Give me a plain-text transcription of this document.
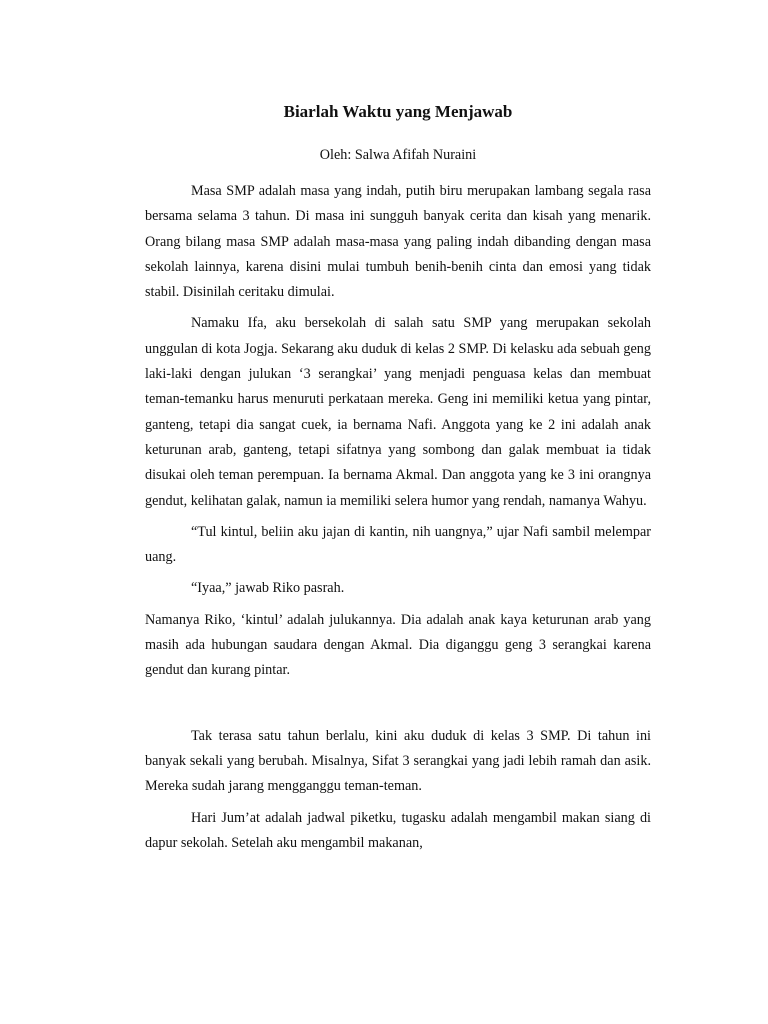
Biarlah Waktu yang Menjawab

Oleh: Salwa Afifah Nuraini

Masa SMP adalah masa yang indah, putih biru merupakan lambang segala rasa bersama selama 3 tahun. Di masa ini sungguh banyak cerita dan kisah yang menarik. Orang bilang masa SMP adalah masa-masa yang paling indah dibanding dengan masa sekolah lainnya, karena disini mulai tumbuh benih-benih cinta dan emosi yang tidak stabil. Disinilah ceritaku dimulai.

Namaku Ifa, aku bersekolah di salah satu SMP yang merupakan sekolah unggulan di kota Jogja. Sekarang aku duduk di kelas 2 SMP. Di kelasku ada sebuah geng laki-laki dengan julukan ‘3 serangkai’ yang menjadi penguasa kelas dan membuat teman-temanku harus menuruti perkataan mereka. Geng ini memiliki ketua yang pintar, ganteng, tetapi dia sangat cuek, ia bernama Nafi. Anggota yang ke 2 ini adalah anak keturunan arab, ganteng, tetapi sifatnya yang sombong dan galak membuat ia tidak disukai oleh teman perempuan. Ia bernama Akmal. Dan anggota yang ke 3 ini orangnya gendut, kelihatan galak, namun ia memiliki selera humor yang rendah, namanya Wahyu.

“Tul kintul, beliin aku jajan di kantin, nih uangnya,” ujar Nafi sambil melempar uang.

“Iyaa,” jawab Riko pasrah.

Namanya Riko, ‘kintul’ adalah julukannya. Dia adalah anak kaya keturunan arab yang masih ada hubungan saudara dengan Akmal. Dia diganggu geng 3 serangkai karena gendut dan kurang pintar.

Tak terasa satu tahun berlalu, kini aku duduk di kelas 3 SMP. Di tahun ini banyak sekali yang berubah. Misalnya, Sifat 3 serangkai yang jadi lebih ramah dan asik. Mereka sudah jarang mengganggu teman-teman.

Hari Jum’at adalah jadwal piketku, tugasku adalah mengambil makan siang di dapur sekolah. Setelah aku mengambil makanan,
